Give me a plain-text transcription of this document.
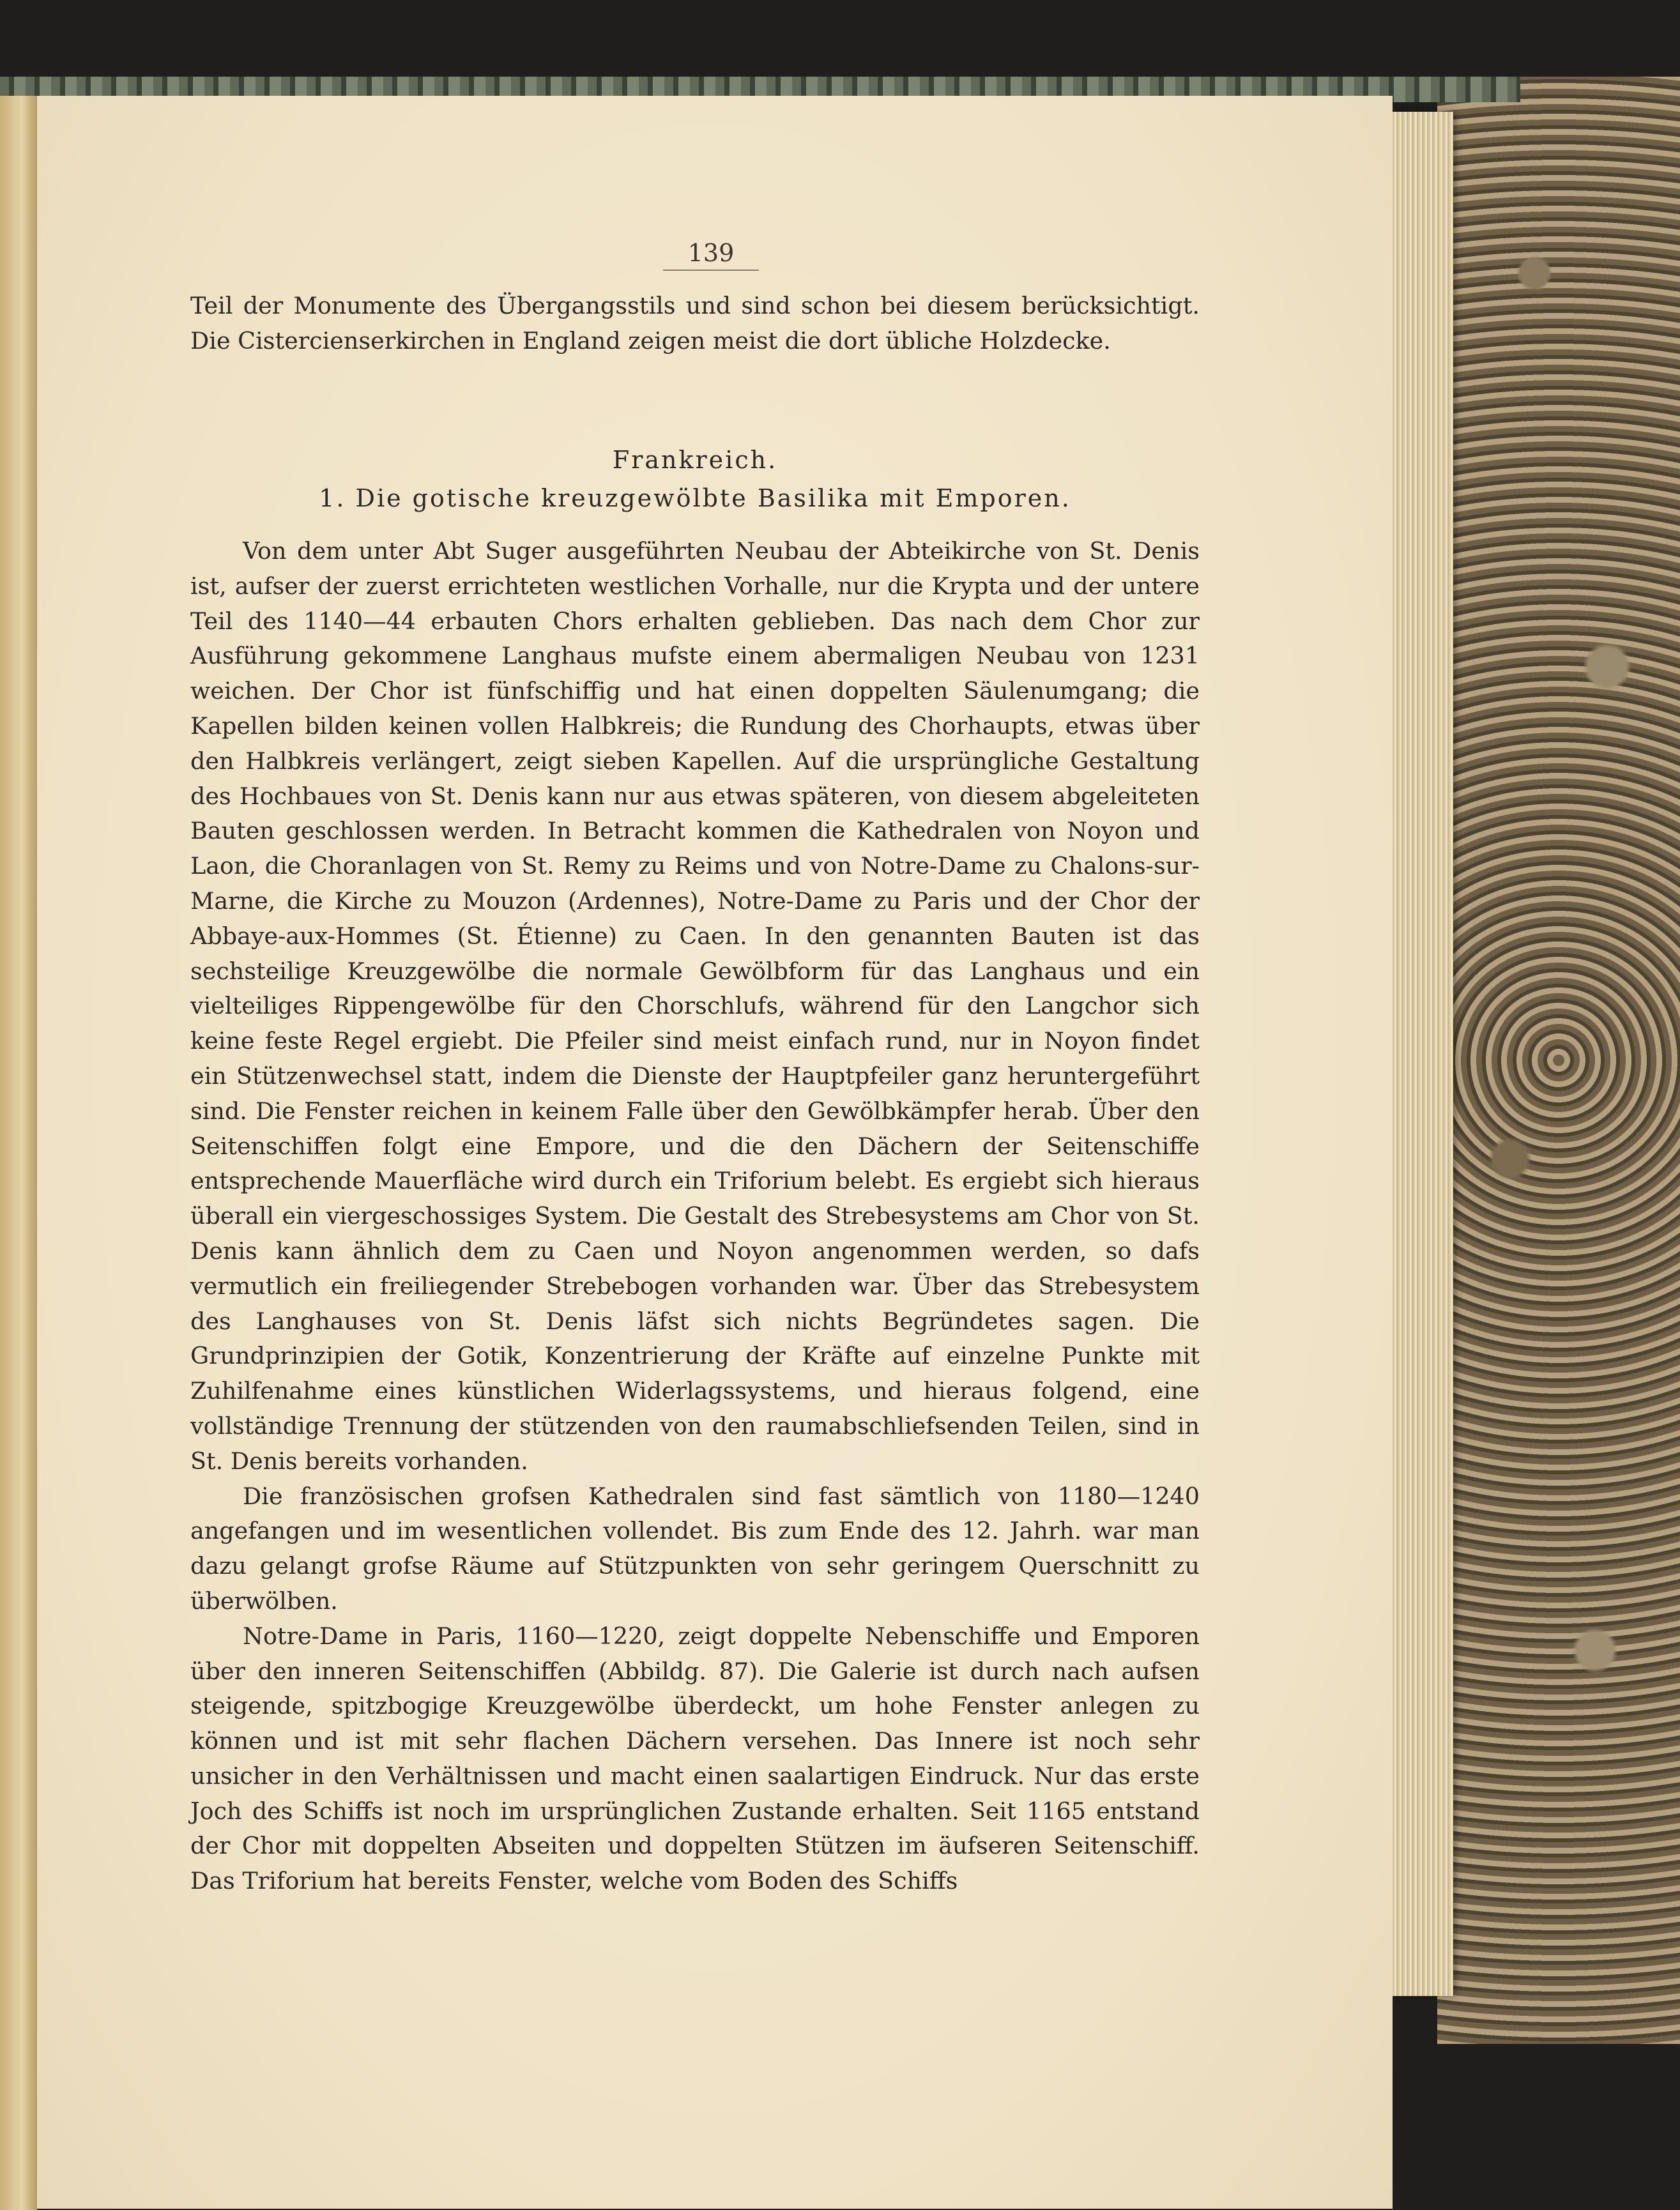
139

Teil der Monumente des Übergangsstils und sind schon bei diesem berücksichtigt. Die Cistercienserkirchen in England zeigen meist die dort übliche Holzdecke.

Frankreich.
1. Die gotische kreuzgewölbte Basilika mit Emporen.

Von dem unter Abt Suger ausgeführten Neubau der Abteikirche von St. Denis ist, aufser der zuerst errichteten westlichen Vorhalle, nur die Krypta und der untere Teil des 1140—44 erbauten Chors erhalten geblieben. Das nach dem Chor zur Ausführung gekommene Langhaus mufste einem abermaligen Neubau von 1231 weichen. Der Chor ist fünfschiffig und hat einen doppelten Säulenumgang; die Kapellen bilden keinen vollen Halbkreis; die Rundung des Chorhaupts, etwas über den Halbkreis verlängert, zeigt sieben Kapellen. Auf die ursprüngliche Gestaltung des Hochbaues von St. Denis kann nur aus etwas späteren, von diesem abgeleiteten Bauten geschlossen werden. In Betracht kommen die Kathedralen von Noyon und Laon, die Choranlagen von St. Remy zu Reims und von Notre-Dame zu Chalons-sur-Marne, die Kirche zu Mouzon (Ardennes), Notre-Dame zu Paris und der Chor der Abbaye-aux-Hommes (St. Étienne) zu Caen. In den genannten Bauten ist das sechsteilige Kreuzgewölbe die normale Gewölbform für das Langhaus und ein vielteiliges Rippengewölbe für den Chorschlufs, während für den Langchor sich keine feste Regel ergiebt. Die Pfeiler sind meist einfach rund, nur in Noyon findet ein Stützenwechsel statt, indem die Dienste der Hauptpfeiler ganz heruntergeführt sind. Die Fenster reichen in keinem Falle über den Gewölbkämpfer herab. Über den Seitenschiffen folgt eine Empore, und die den Dächern der Seitenschiffe entsprechende Mauerfläche wird durch ein Triforium belebt. Es ergiebt sich hieraus überall ein viergeschossiges System. Die Gestalt des Strebesystems am Chor von St. Denis kann ähnlich dem zu Caen und Noyon angenommen werden, so dafs vermutlich ein freiliegender Strebebogen vorhanden war. Über das Strebesystem des Langhauses von St. Denis läfst sich nichts Begründetes sagen. Die Grundprinzipien der Gotik, Konzentrierung der Kräfte auf einzelne Punkte mit Zuhilfenahme eines künstlichen Widerlagssystems, und hieraus folgend, eine vollständige Trennung der stützenden von den raumabschliefsenden Teilen, sind in St. Denis bereits vorhanden.

Die französischen grofsen Kathedralen sind fast sämtlich von 1180—1240 angefangen und im wesentlichen vollendet. Bis zum Ende des 12. Jahrh. war man dazu gelangt grofse Räume auf Stützpunkten von sehr geringem Querschnitt zu überwölben.

Notre-Dame in Paris, 1160—1220, zeigt doppelte Nebenschiffe und Emporen über den inneren Seitenschiffen (Abbildg. 87). Die Galerie ist durch nach aufsen steigende, spitzbogige Kreuzgewölbe überdeckt, um hohe Fenster anlegen zu können und ist mit sehr flachen Dächern versehen. Das Innere ist noch sehr unsicher in den Verhältnissen und macht einen saalartigen Eindruck. Nur das erste Joch des Schiffs ist noch im ursprünglichen Zustande erhalten. Seit 1165 entstand der Chor mit doppelten Abseiten und doppelten Stützen im äufseren Seitenschiff. Das Triforium hat bereits Fenster, welche vom Boden des Schiffs
